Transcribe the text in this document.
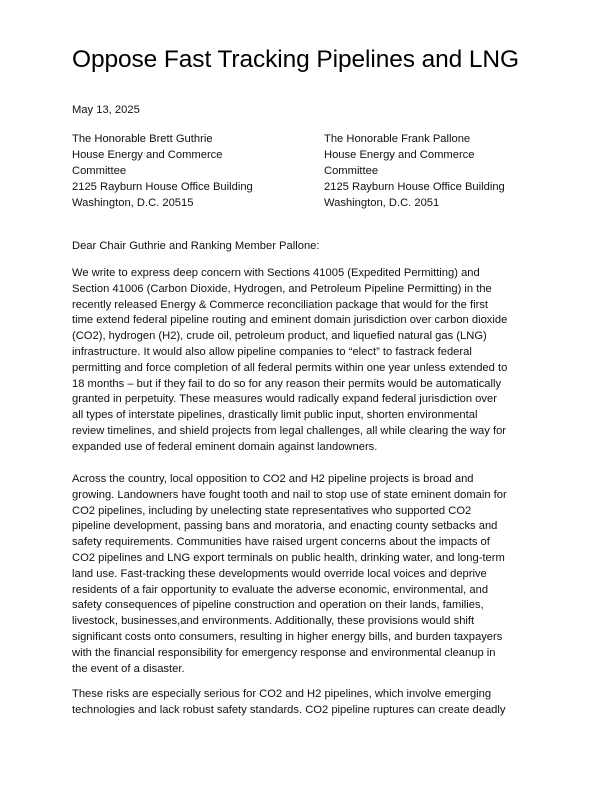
Oppose Fast Tracking Pipelines and LNG
May 13, 2025
The Honorable Brett Guthrie
House Energy and Commerce
Committee
2125 Rayburn House Office Building
Washington, D.C. 20515
The Honorable Frank Pallone
House Energy and Commerce
Committee
2125 Rayburn House Office Building
Washington, D.C. 2051
Dear Chair Guthrie and Ranking Member Pallone:
We write to express deep concern with Sections 41005 (Expedited Permitting) and
Section 41006 (Carbon Dioxide, Hydrogen, and Petroleum Pipeline Permitting) in the
recently released Energy & Commerce reconciliation package that would for the first
time extend federal pipeline routing and eminent domain jurisdiction over carbon dioxide
(CO2), hydrogen (H2), crude oil, petroleum product, and liquefied natural gas (LNG)
infrastructure. It would also allow pipeline companies to “elect” to fastrack federal
permitting and force completion of all federal permits within one year unless extended to
18 months – but if they fail to do so for any reason their permits would be automatically
granted in perpetuity. These measures would radically expand federal jurisdiction over
all types of interstate pipelines, drastically limit public input, shorten environmental
review timelines, and shield projects from legal challenges, all while clearing the way for
expanded use of federal eminent domain against landowners.
Across the country, local opposition to CO2 and H2 pipeline projects is broad and
growing. Landowners have fought tooth and nail to stop use of state eminent domain for
CO2 pipelines, including by unelecting state representatives who supported CO2
pipeline development, passing bans and moratoria, and enacting county setbacks and
safety requirements. Communities have raised urgent concerns about the impacts of
CO2 pipelines and LNG export terminals on public health, drinking water, and long-term
land use. Fast-tracking these developments would override local voices and deprive
residents of a fair opportunity to evaluate the adverse economic, environmental, and
safety consequences of pipeline construction and operation on their lands, families,
livestock, businesses,and environments. Additionally, these provisions would shift
significant costs onto consumers, resulting in higher energy bills, and burden taxpayers
with the financial responsibility for emergency response and environmental cleanup in
the event of a disaster.
These risks are especially serious for CO2 and H2 pipelines, which involve emerging
technologies and lack robust safety standards. CO2 pipeline ruptures can create deadly
